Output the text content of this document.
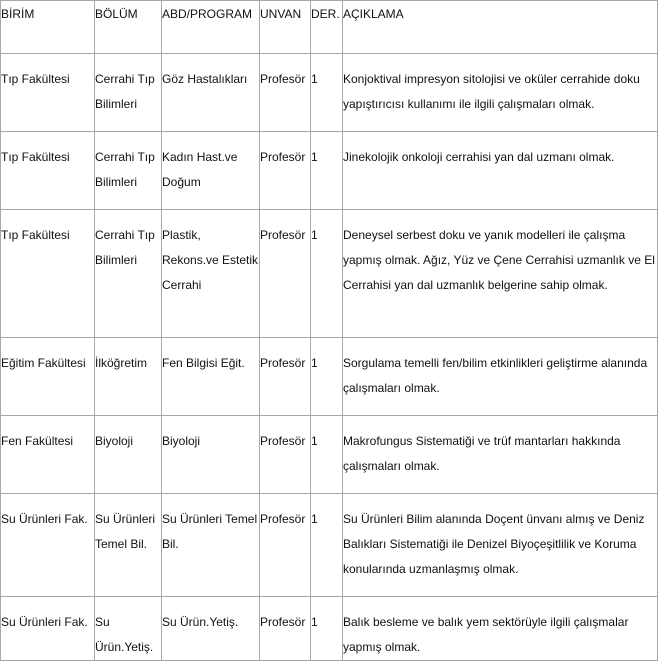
BİRİM	BÖLÜM	ABD/PROGRAM	UNVAN	DER.	AÇIKLAMA

Tıp Fakültesi	Cerrahi Tıp Bilimleri	Göz Hastalıkları	Profesör	1	Konjoktival impresyon sitolojisi ve oküler cerrahide doku yapıştırıcısı kullanımı ile ilgili çalışmaları olmak.

Tıp Fakültesi	Cerrahi Tıp Bilimleri	Kadın Hast.ve Doğum	Profesör	1	Jinekolojik onkoloji cerrahisi yan dal uzmanı olmak.

Tıp Fakültesi	Cerrahi Tıp Bilimleri	Plastik, Rekons.ve Estetik Cerrahi	Profesör	1	Deneysel serbest doku ve yanık modelleri ile çalışma yapmış olmak. Ağız, Yüz ve Çene Cerrahisi uzmanlık ve El Cerrahisi yan dal uzmanlık belgerine sahip olmak.

Eğitim Fakültesi	İlköğretim	Fen Bilgisi Eğit.	Profesör	1	Sorgulama temelli fen/bilim etkinlikleri geliştirme alanında çalışmaları olmak.

Fen Fakültesi	Biyoloji	Biyoloji	Profesör	1	Makrofungus Sistematiği ve trüf mantarları hakkında çalışmaları olmak.

Su Ürünleri Fak.	Su Ürünleri Temel Bil.	Su Ürünleri Temel Bil.	Profesör	1	Su Ürünleri Bilim alanında Doçent ünvanı almış ve Deniz Balıkları Sistematiği ile Denizel Biyoçeşitlilik ve Koruma konularında uzmanlaşmış olmak.

Su Ürünleri Fak.	Su Ürün.Yetiş.	Su Ürün.Yetiş.	Profesör	1	Balık besleme ve balık yem sektörüyle ilgili çalışmalar yapmış olmak.
